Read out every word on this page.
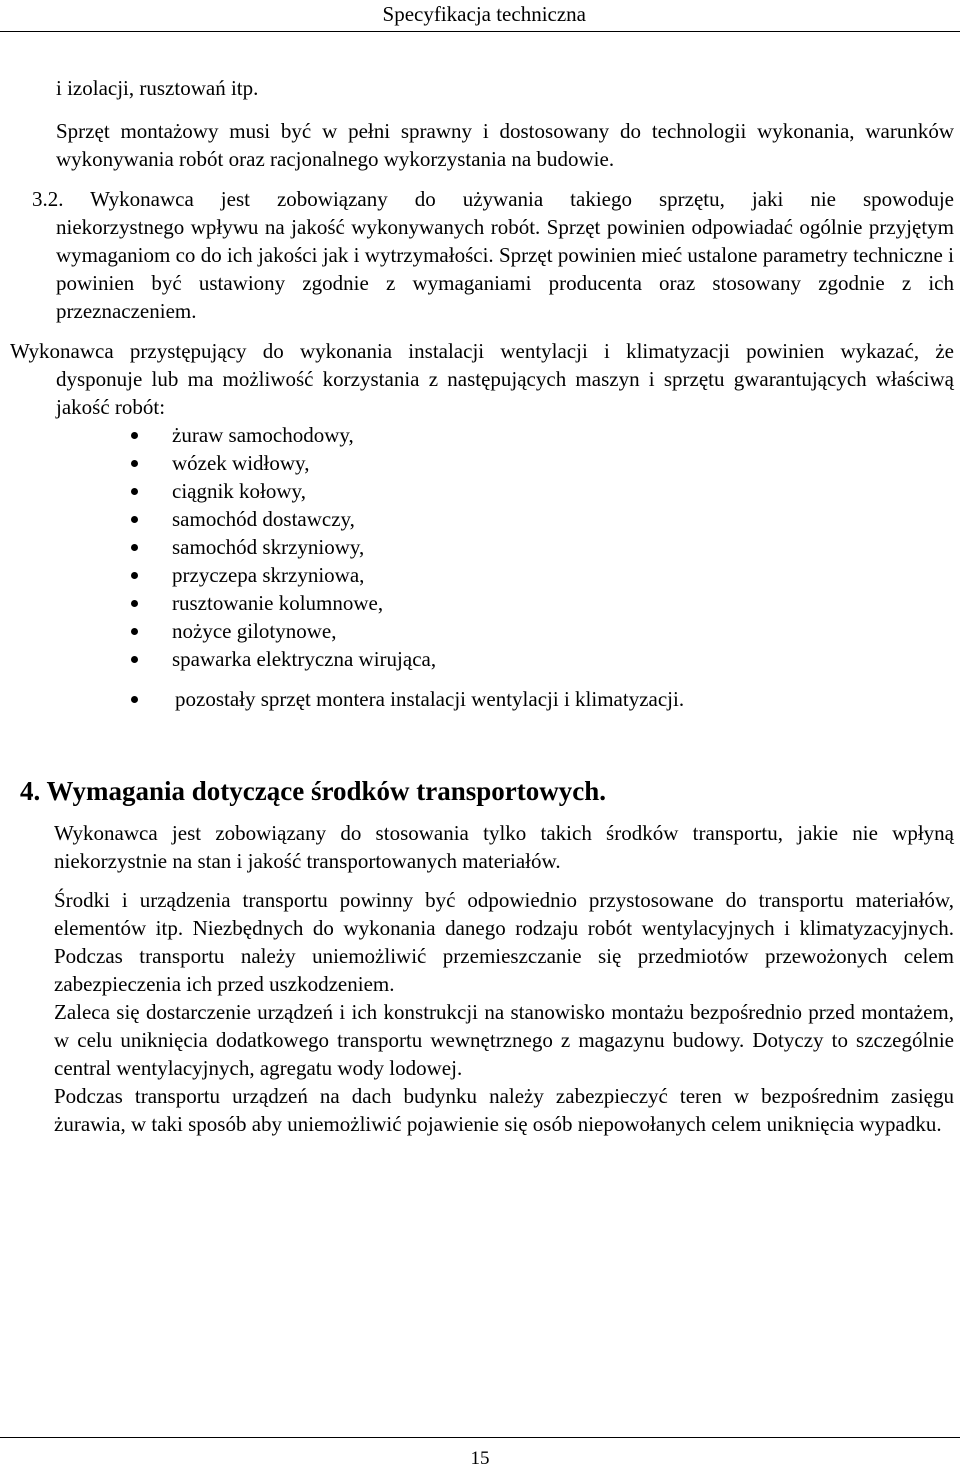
Specyfikacja techniczna
i izolacji, rusztowań itp.
Sprzęt montażowy musi być w pełni sprawny i dostosowany do technologii wykonania, warunków wykonywania robót oraz racjonalnego wykorzystania na budowie.
3.2. Wykonawca jest zobowiązany do używania takiego sprzętu, jaki nie spowoduje
niekorzystnego wpływu na jakość wykonywanych robót. Sprzęt powinien odpowiadać ogólnie przyjętym wymaganiom co do ich jakości jak i wytrzymałości. Sprzęt powinien mieć ustalone parametry techniczne i powinien być ustawiony zgodnie z wymaganiami producenta oraz stosowany zgodnie z ich przeznaczeniem.
Wykonawca przystępujący do wykonania instalacji wentylacji i klimatyzacji powinien wykazać, że
dysponuje lub ma możliwość korzystania z następujących maszyn i sprzętu gwarantujących właściwą jakość robót:
żuraw samochodowy,
wózek widłowy,
ciągnik kołowy,
samochód dostawczy,
samochód skrzyniowy,
przyczepa skrzyniowa,
rusztowanie kolumnowe,
nożyce gilotynowe,
spawarka elektryczna wirująca,
pozostały sprzęt montera instalacji wentylacji i klimatyzacji.
4. Wymagania dotyczące środków transportowych.
Wykonawca jest zobowiązany do stosowania tylko takich środków transportu, jakie nie wpłyną niekorzystnie na stan i jakość transportowanych materiałów.
Środki i urządzenia transportu powinny być odpowiednio przystosowane do transportu materiałów, elementów itp. Niezbędnych do wykonania danego rodzaju robót wentylacyjnych i klimatyzacyjnych. Podczas transportu należy uniemożliwić przemieszczanie się przedmiotów przewożonych celem zabezpieczenia ich przed uszkodzeniem.
Zaleca się dostarczenie urządzeń i ich konstrukcji na stanowisko montażu bezpośrednio przed montażem, w celu uniknięcia dodatkowego transportu wewnętrznego z magazynu budowy. Dotyczy to szczególnie central wentylacyjnych, agregatu wody lodowej.
Podczas transportu urządzeń na dach budynku należy zabezpieczyć teren w bezpośrednim zasięgu żurawia, w taki sposób aby uniemożliwić pojawienie się osób niepowołanych celem uniknięcia wypadku.
15
